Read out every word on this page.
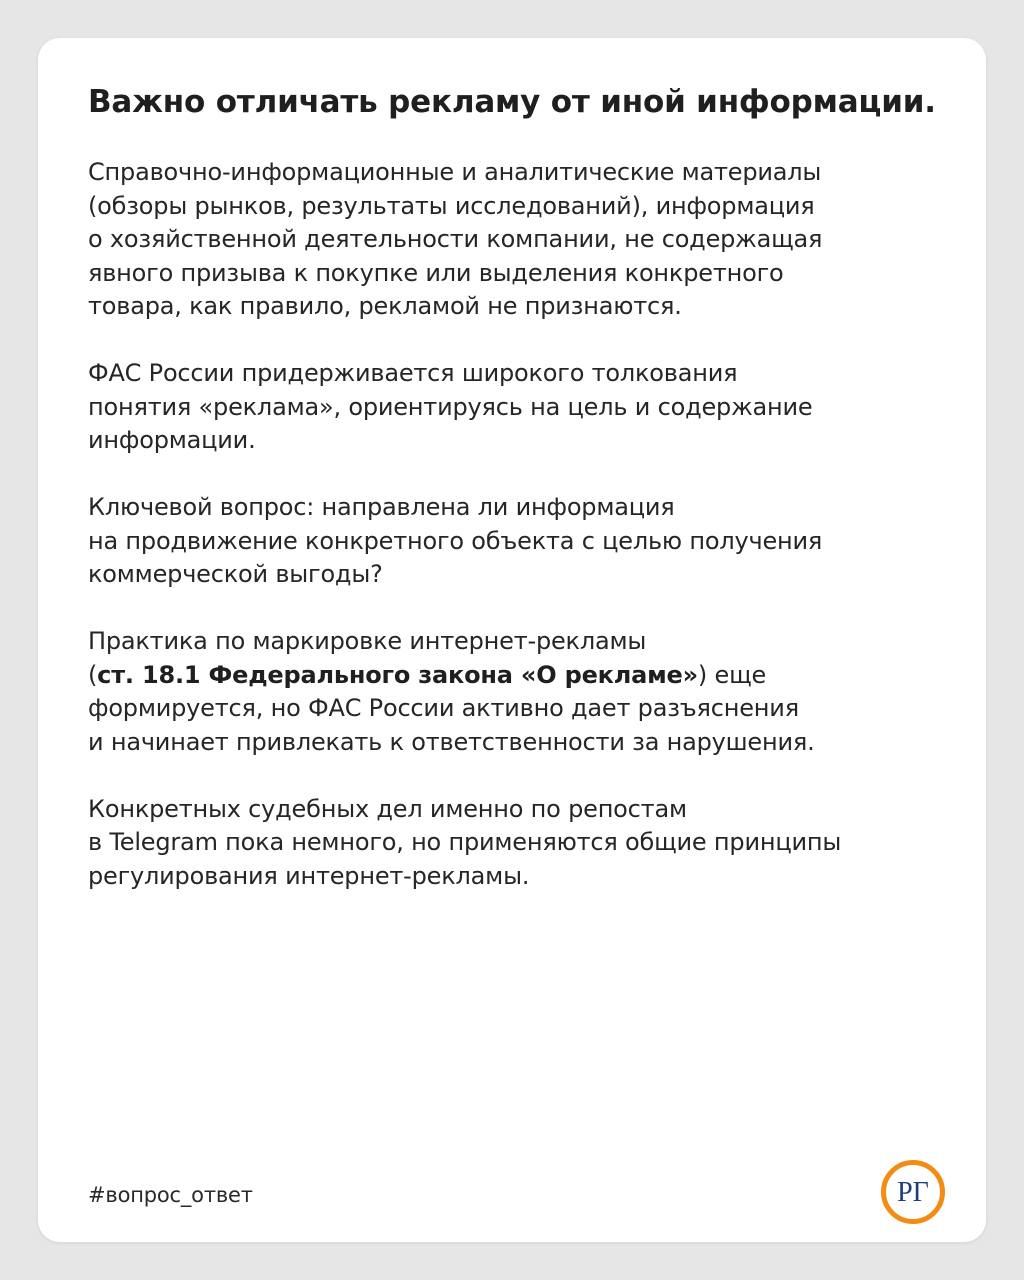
Важно отличать рекламу от иной информации.

Справочно-информационные и аналитические материалы
(обзоры рынков, результаты исследований), информация
о хозяйственной деятельности компании, не содержащая
явного призыва к покупке или выделения конкретного
товара, как правило, рекламой не признаются.

ФАС России придерживается широкого толкования
понятия «реклама», ориентируясь на цель и содержание
информации.

Ключевой вопрос: направлена ли информация
на продвижение конкретного объекта с целью получения
коммерческой выгоды?

Практика по маркировке интернет-рекламы
(ст. 18.1 Федерального закона «О рекламе») еще
формируется, но ФАС России активно дает разъяснения
и начинает привлекать к ответственности за нарушения.

Конкретных судебных дел именно по репостам
в Telegram пока немного, но применяются общие принципы
регулирования интернет-рекламы.

#вопрос_ответ	РГ
